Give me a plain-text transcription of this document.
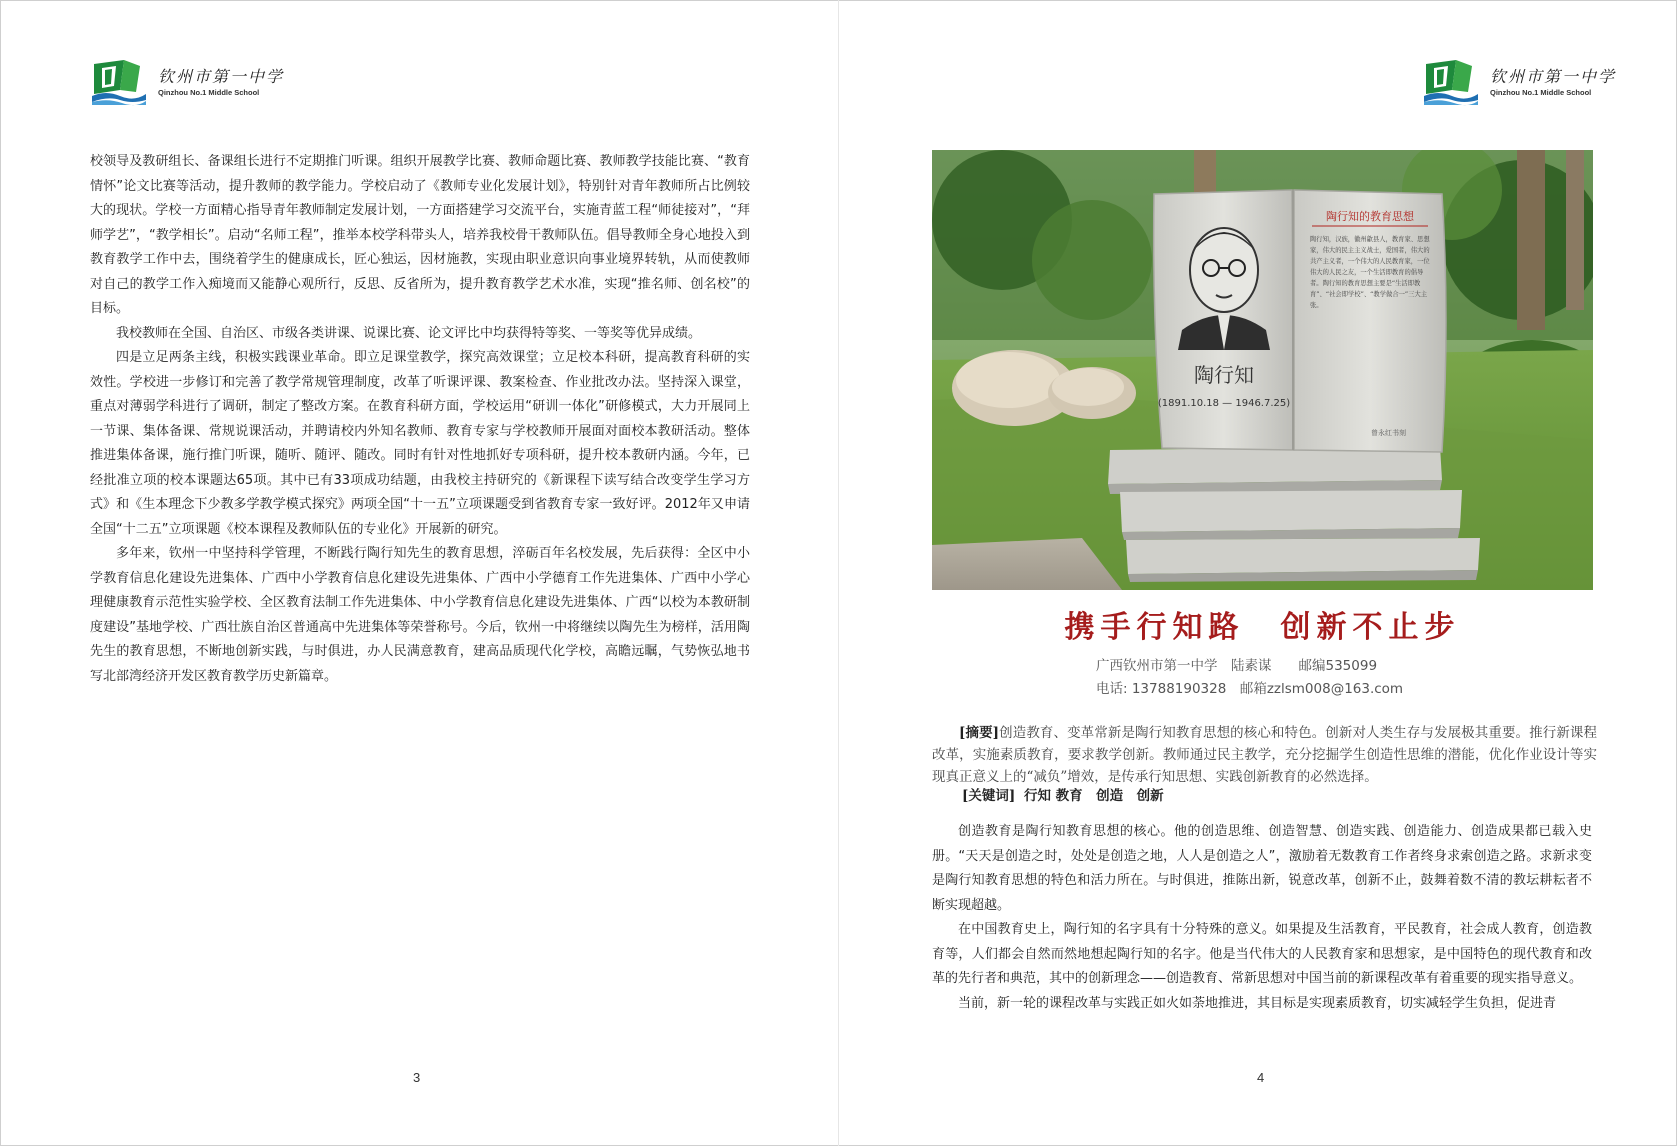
钦州市第一中学
Qinzhou No.1 Middle School
钦州市第一中学
Qinzhou No.1 Middle School

校领导及教研组长、备课组长进行不定期推门听课。组织开展教学比赛、教师命题比赛、教师教学技能比赛、“教育情怀”论文比赛等活动，提升教师的教学能力。学校启动了《教师专业化发展计划》，特别针对青年教师所占比例较大的现状。学校一方面精心指导青年教师制定发展计划，一方面搭建学习交流平台，实施青蓝工程“师徒接对”，“拜师学艺”，“教学相长”。启动“名师工程”，推举本校学科带头人，培养我校骨干教师队伍。倡导教师全身心地投入到教育教学工作中去，围绕着学生的健康成长，匠心独运，因材施教，实现由职业意识向事业境界转轨，从而使教师对自己的教学工作入痴境而又能静心观所行，反思、反省所为，提升教育教学艺术水准，实现“推名师、创名校”的目标。

我校教师在全国、自治区、市级各类讲课、说课比赛、论文评比中均获得特等奖、一等奖等优异成绩。

四是立足两条主线，积极实践课业革命。即立足课堂教学，探究高效课堂；立足校本科研，提高教育科研的实效性。学校进一步修订和完善了教学常规管理制度，改革了听课评课、教案检查、作业批改办法。坚持深入课堂，重点对薄弱学科进行了调研，制定了整改方案。在教育科研方面，学校运用“研训一体化”研修模式，大力开展同上一节课、集体备课、常规说课活动，并聘请校内外知名教师、教育专家与学校教师开展面对面校本教研活动。整体推进集体备课，施行推门听课，随听、随评、随改。同时有针对性地抓好专项科研，提升校本教研内涵。今年，已经批准立项的校本课题达65项。其中已有33项成功结题，由我校主持研究的《新课程下读写结合改变学生学习方式》和《生本理念下少教多学教学模式探究》两项全国“十一五”立项课题受到省教育专家一致好评。2012年又申请全国“十二五”立项课题《校本课程及教师队伍的专业化》开展新的研究。

多年来，钦州一中坚持科学管理，不断践行陶行知先生的教育思想，淬砺百年名校发展，先后获得：全区中小学教育信息化建设先进集体、广西中小学教育信息化建设先进集体、广西中小学德育工作先进集体、广西中小学心理健康教育示范性实验学校、全区教育法制工作先进集体、中小学教育信息化建设先进集体、广西“以校为本教研制度建设”基地学校、广西壮族自治区普通高中先进集体等荣誉称号。今后，钦州一中将继续以陶先生为榜样，活用陶先生的教育思想，不断地创新实践，与时俱进，办人民满意教育，建高品质现代化学校，高瞻远瞩，气势恢弘地书写北部湾经济开发区教育教学历史新篇章。

3
陶行知
(1891.10.18 — 1946.7.25)
陶行知的教育思想
陶行知，汉族，徽州歙县人，教育家、思想家，伟大的民主主义战士，爱国者，伟大的共产主义者，一个伟大的人民教育家，一位伟大的人民之友，一个生活即教育的倡导者。陶行知的教育思想主要是“生活即教育”、“社会即学校”、“教学做合一”三大主张。
曾永红书刻
携手行知路　创新不止步
广西钦州市第一中学　陆素谋　　邮编535099
电话: 13788190328　邮箱zzlsm008@163.com

[摘要]创造教育、变革常新是陶行知教育思想的核心和特色。创新对人类生存与发展极其重要。推行新课程改革，实施素质教育，要求教学创新。教师通过民主教学，充分挖掘学生创造性思维的潜能，优化作业设计等实现真正意义上的“减负”增效，是传承行知思想、实践创新教育的必然选择。

[关键词] 行知 教育　创造　创新

创造教育是陶行知教育思想的核心。他的创造思维、创造智慧、创造实践、创造能力、创造成果都已载入史册。“天天是创造之时，处处是创造之地，人人是创造之人”，激励着无数教育工作者终身求索创造之路。求新求变是陶行知教育思想的特色和活力所在。与时俱进，推陈出新，锐意改革，创新不止，鼓舞着数不清的教坛耕耘者不断实现超越。

在中国教育史上，陶行知的名字具有十分特殊的意义。如果提及生活教育，平民教育，社会成人教育，创造教育等，人们都会自然而然地想起陶行知的名字。他是当代伟大的人民教育家和思想家，是中国特色的现代教育和改革的先行者和典范，其中的创新理念——创造教育、常新思想对中国当前的新课程改革有着重要的现实指导意义。

当前，新一轮的课程改革与实践正如火如荼地推进，其目标是实现素质教育，切实减轻学生负担，促进青

4
